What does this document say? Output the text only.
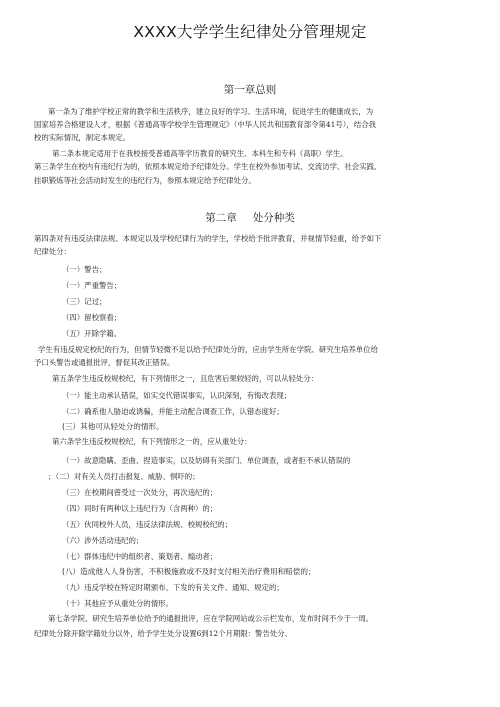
XXXX大学学生纪律处分管理规定
第一章总则
第一条为了维护学校正常的教学和生活秩序，建立良好的学习、生活环境，促进学生的健康成长，为
国家培养合格建设人才，根据《普通高等学校学生管理规定》（中华人民共和国教育部令第41号），结合我
校的实际情况，制定本规定。
第二条本规定适用于在我校接受普通高等学历教育的研究生、本科生和专科（高职）学生。
第三条学生在校内有违纪行为的，依照本规定给予纪律处分。学生在校外参加考试、交流访学、社会实践、
挂职锻炼等社会活动时发生的违纪行为，参照本规定给予纪律处分。
第二章 处分种类
第四条对有违反法律法规、本规定以及学校纪律行为的学生，学校给予批评教育，并视情节轻重，给予如下
纪律处分：
（一）警告；
（一）严重警告；
（三）记过；
（四）留校察看；
（五）开除学籍。
学生有违反规定校纪的行为，但情节轻微不足以给予纪律处分的，应由学生所在学院、研究生培养单位给
予口头警告或通报批评，督促其改正错误。
第五条学生违反校规校纪，有下列情形之一，且危害后果较轻的，可以从轻处分：
（一）能主动承认错误，如实交代错误事实，认识深刻，有悔改表现；
（二）确系他人胁迫或诱骗，并能主动配合调查工作，认错态度好；
(三）其他可从轻处分的情形。
第六条学生违反校规校纪，有下列情形之一的，应从重处分：
（一）故意隐瞒、歪曲、捏造事实，以及妨碍有关部门、单位调查，或者拒不承认错误的
；（二）对有关人员打击报复、威胁、恫吓的；
（三）在校期间曾受过一次处分，再次违纪的；
（四）同时有两种以上违纪行为（含两种）的；
（五）伙同校外人员，违反法律法规、校规校纪的；
（六）涉外活动违纪的；
（七）群体违纪中的组织者、策划者、煽动者；
(八）造成他人人身伤害，不积极施救或不及时支付相关治疗费用和赔偿的；
（九）违反学校在特定时期颁布、下发的有关文件、通知、规定的；
（十）其他应予从重处分的情形。
第七条学院、研究生培养单位给予的通报批评，应在学院网站或公示栏发布，发布时间不少于一周。
纪律处分除开除学籍处分以外，给予学生处分设置6到12个月期限：警告处分、
